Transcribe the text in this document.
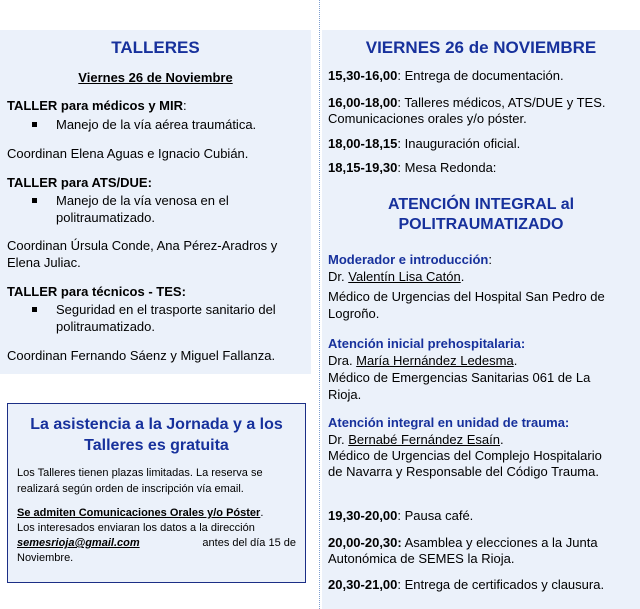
TALLERES
Viernes 26 de Noviembre
TALLER para médicos y MIR:
Manejo de la vía aérea traumática.
Coordinan Elena Aguas e Ignacio Cubián.
TALLER para ATS/DUE:
Manejo de la vía venosa en el
politraumatizado.
Coordinan Úrsula Conde, Ana Pérez-Aradros y
Elena Juliac.
TALLER para técnicos - TES:
Seguridad en el trasporte sanitario del
politraumatizado.
Coordinan Fernando Sáenz y Miguel Fallanza.
La asistencia a la Jornada y a los
Talleres es gratuita
Los Talleres tienen plazas limitadas. La reserva se
realizará según orden de inscripción vía email.
Se admiten Comunicaciones Orales y/o Póster.
Los interesados enviaran los datos a la dirección
semesrioja@gmail.com	antes del día 15 de
Noviembre.
VIERNES 26 de NOVIEMBRE
15,30-16,00: Entrega de documentación.
16,00-18,00: Talleres médicos, ATS/DUE y TES.
Comunicaciones orales y/o póster.
18,00-18,15: Inauguración oficial.
18,15-19,30: Mesa Redonda:
ATENCIÓN INTEGRAL al
POLITRAUMATIZADO
Moderador e introducción:
Dr. Valentín Lisa Catón.
Médico de Urgencias del Hospital San Pedro de
Logroño.
Atención inicial prehospitalaria:
Dra. María Hernández Ledesma.
Médico de Emergencias Sanitarias 061 de La
Rioja.
Atención integral en unidad de trauma:
Dr. Bernabé Fernández Esaín.
Médico de Urgencias del Complejo Hospitalario
de Navarra y Responsable del Código Trauma.
19,30-20,00: Pausa café.
20,00-20,30: Asamblea y elecciones a la Junta
Autonómica de SEMES la Rioja.
20,30-21,00: Entrega de certificados y clausura.
